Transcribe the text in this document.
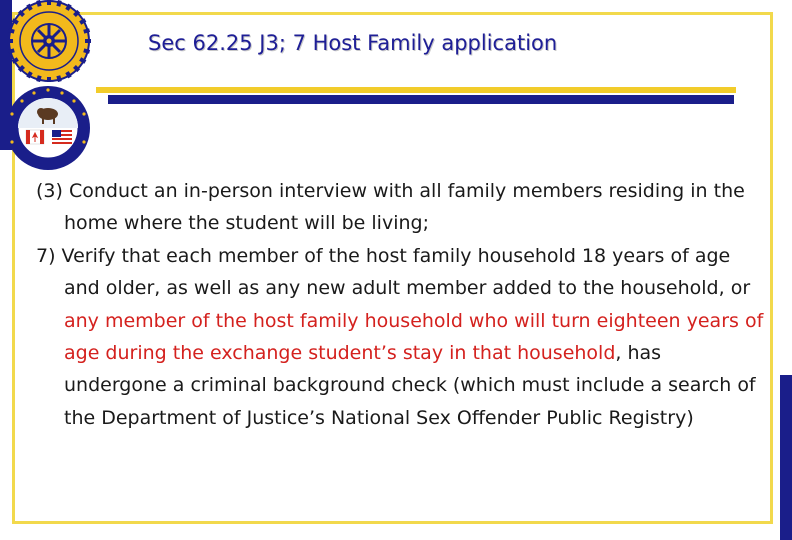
Sec 62.25 J3; 7 Host Family application
(3) Conduct an in-person interview with all family members residing in the home where the student will be living;
7) Verify that each member of the host family household 18 years of age and older, as well as any new adult member added to the household, or any member of the host family household who will turn eighteen years of age during the exchange student’s stay in that household, has undergone a criminal background check (which must include a search of the Department of Justice’s National Sex Offender Public Registry)
